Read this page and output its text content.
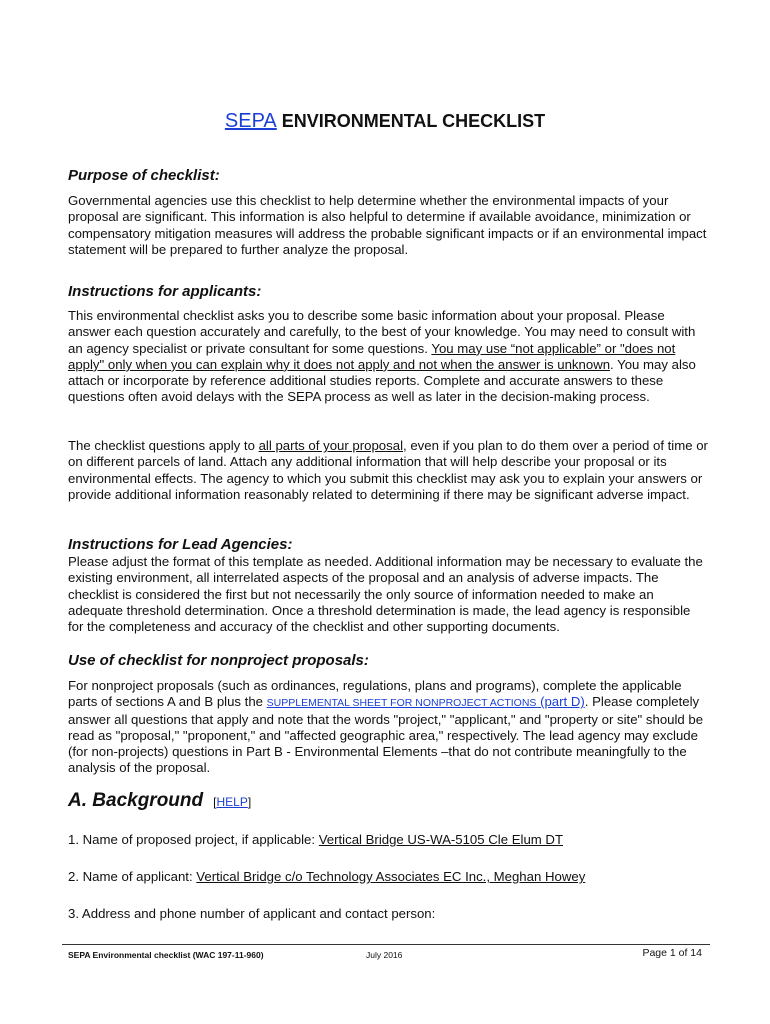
SEPA ENVIRONMENTAL CHECKLIST
Purpose of checklist:

Governmental agencies use this checklist to help determine whether the environmental impacts of your proposal are significant. This information is also helpful to determine if available avoidance, minimization or compensatory mitigation measures will address the probable significant impacts or if an environmental impact statement will be prepared to further analyze the proposal.

Instructions for applicants:

This environmental checklist asks you to describe some basic information about your proposal. Please answer each question accurately and carefully, to the best of your knowledge. You may need to consult with an agency specialist or private consultant for some questions. You may use “not applicable” or "does not apply" only when you can explain why it does not apply and not when the answer is unknown. You may also attach or incorporate by reference additional studies reports. Complete and accurate answers to these questions often avoid delays with the SEPA process as well as later in the decision-making process.

The checklist questions apply to all parts of your proposal, even if you plan to do them over a period of time or on different parcels of land. Attach any additional information that will help describe your proposal or its environmental effects. The agency to which you submit this checklist may ask you to explain your answers or provide additional information reasonably related to determining if there may be significant adverse impact.

Instructions for Lead Agencies:

Please adjust the format of this template as needed. Additional information may be necessary to evaluate the existing environment, all interrelated aspects of the proposal and an analysis of adverse impacts. The checklist is considered the first but not necessarily the only source of information needed to make an adequate threshold determination. Once a threshold determination is made, the lead agency is responsible for the completeness and accuracy of the checklist and other supporting documents.

Use of checklist for nonproject proposals:

For nonproject proposals (such as ordinances, regulations, plans and programs), complete the applicable parts of sections A and B plus the SUPPLEMENTAL SHEET FOR NONPROJECT ACTIONS (part D). Please completely answer all questions that apply and note that the words "project," "applicant," and "property or site" should be read as "proposal," "proponent," and "affected geographic area," respectively. The lead agency may exclude (for non-projects) questions in Part B - Environmental Elements –that do not contribute meaningfully to the analysis of the proposal.

A. Background [HELP]
1. Name of proposed project, if applicable: Vertical Bridge US-WA-5105 Cle Elum DT
2. Name of applicant: Vertical Bridge c/o Technology Associates EC Inc., Meghan Howey
3. Address and phone number of applicant and contact person:
SEPA Environmental checklist (WAC 197-11-960)	July 2016	Page 1 of 14
